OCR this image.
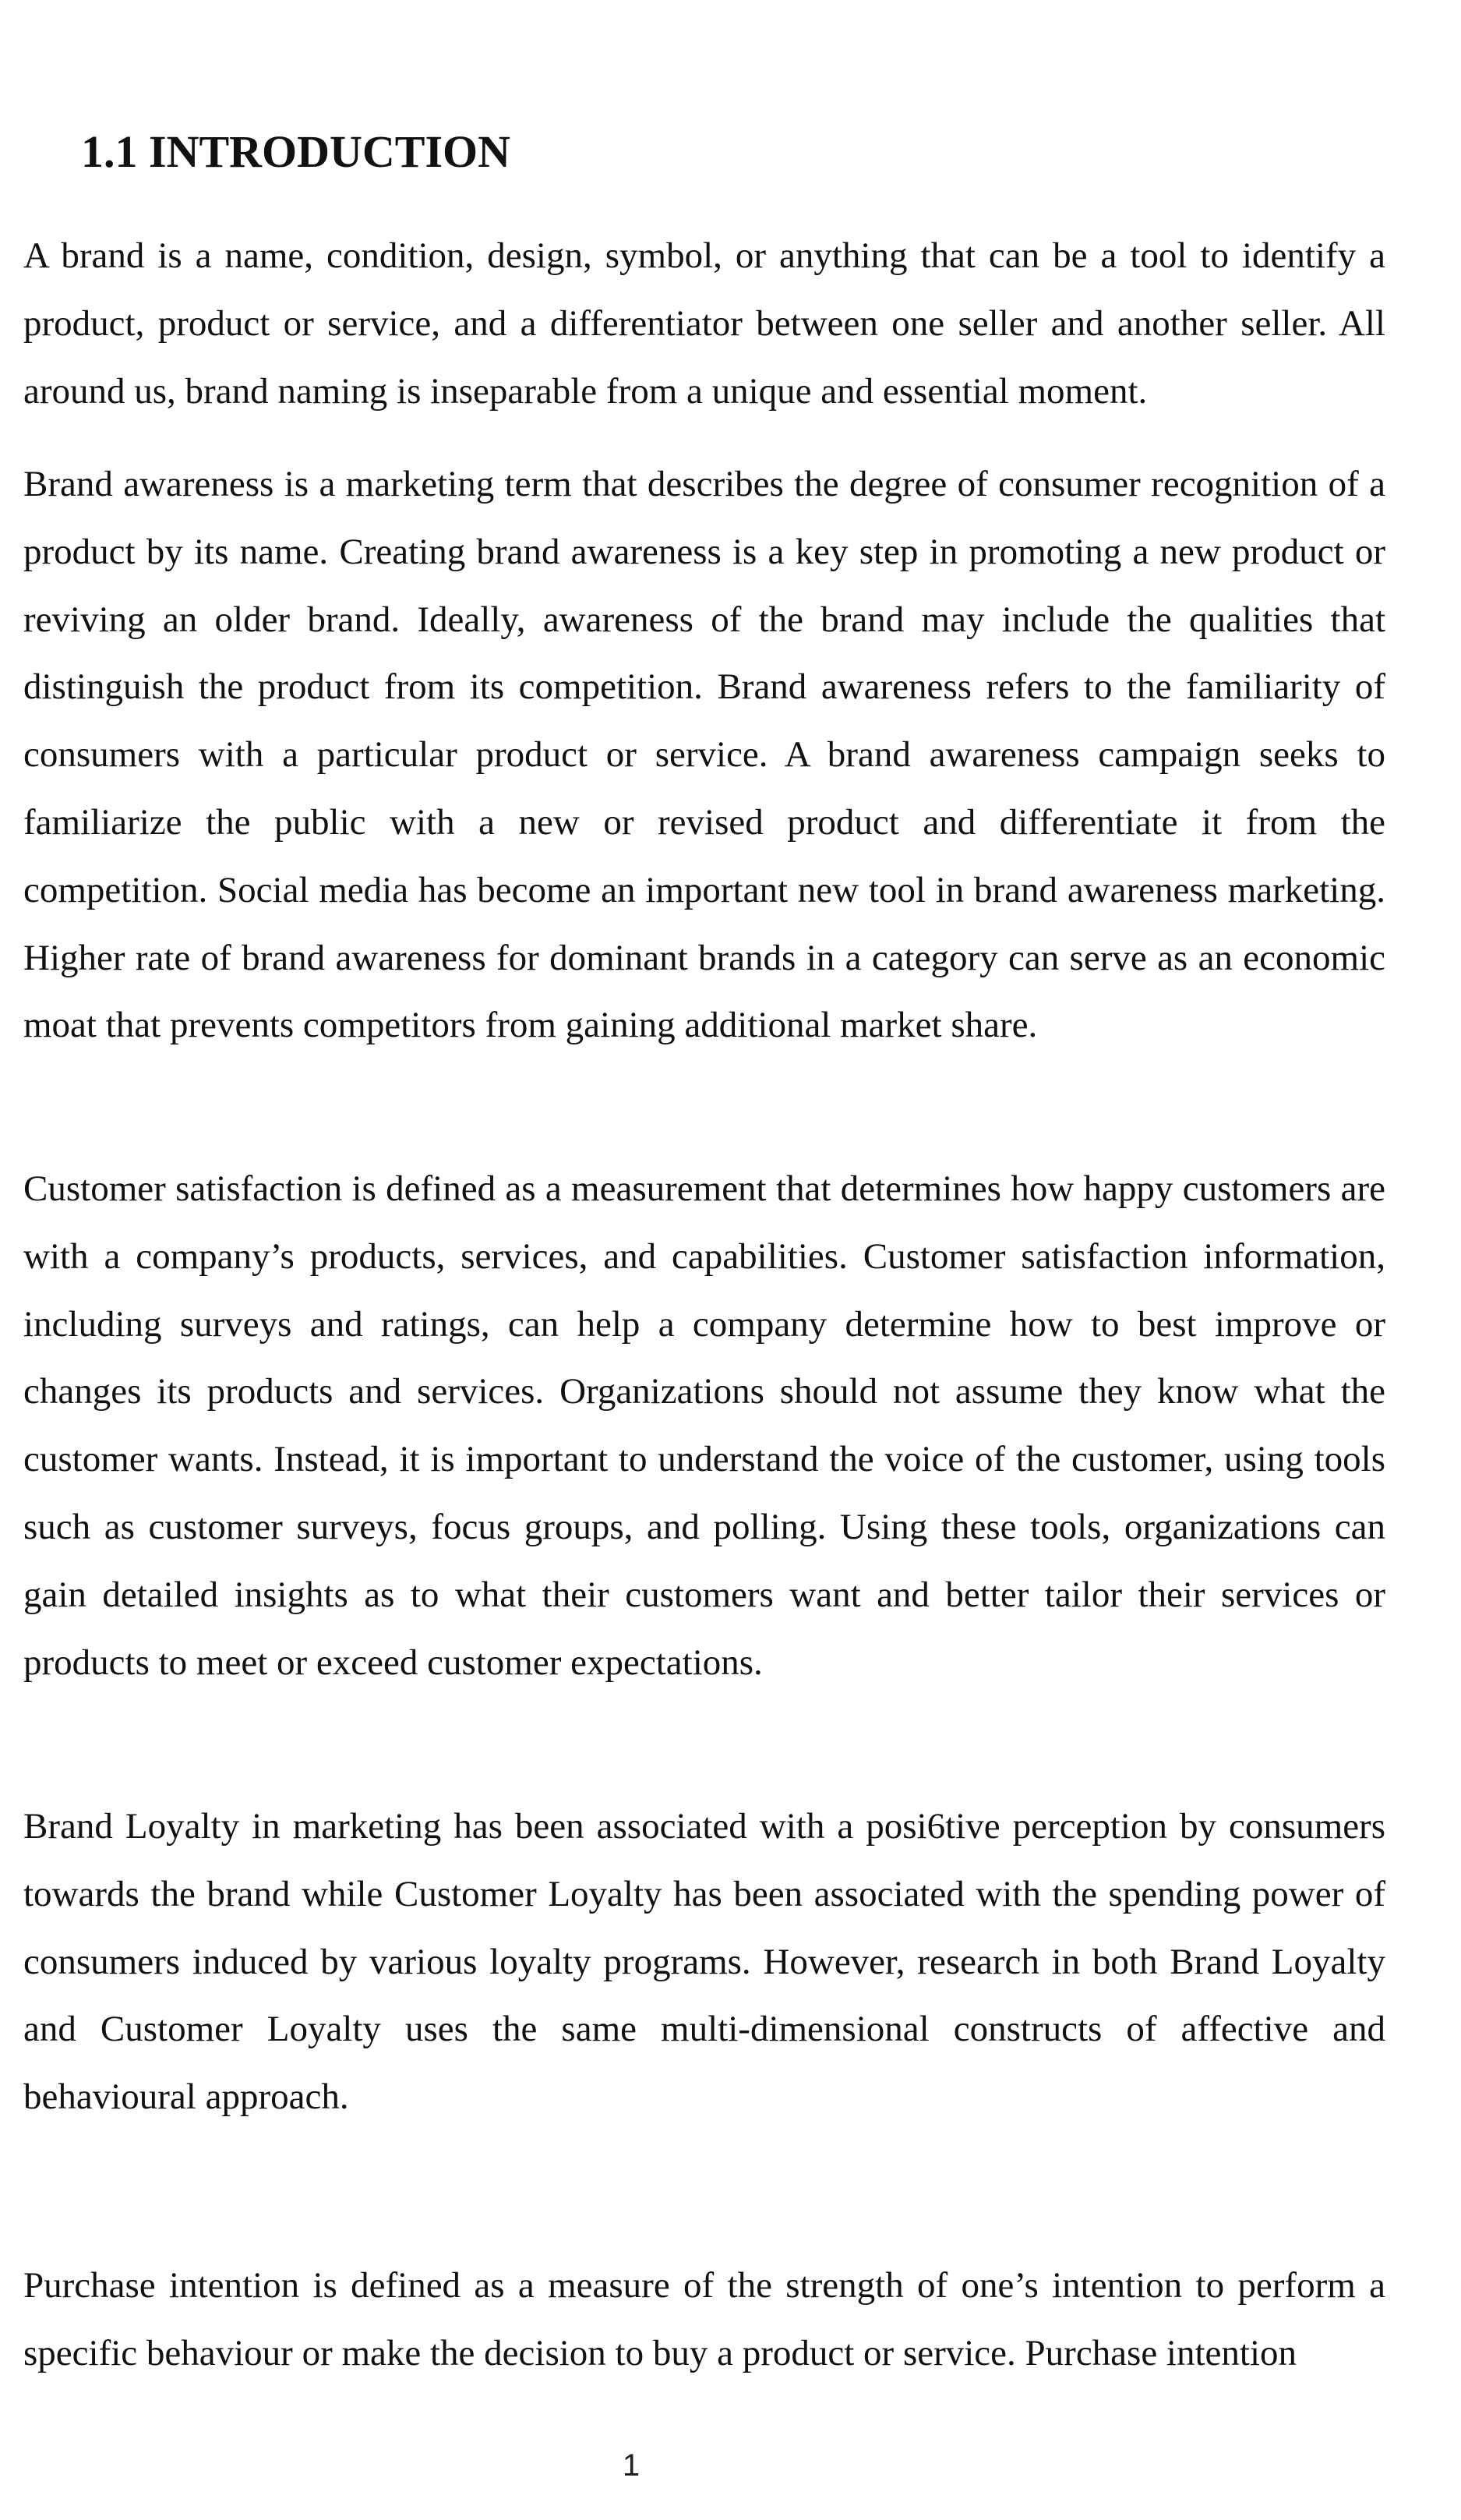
1.1 INTRODUCTION

A brand is a name, condition, design, symbol, or anything that can be a tool to identify a product, product or service, and a differentiator between one seller and another seller. All around us, brand naming is inseparable from a unique and essential moment.

Brand awareness is a marketing term that describes the degree of consumer recognition of a product by its name. Creating brand awareness is a key step in promoting a new product or reviving an older brand. Ideally, awareness of the brand may include the qualities that distinguish the product from its competition. Brand awareness refers to the familiarity of consumers with a particular product or service. A brand awareness campaign seeks to familiarize the public with a new or revised product and differentiate it from the competition. Social media has become an important new tool in brand awareness marketing. Higher rate of brand awareness for dominant brands in a category can serve as an economic moat that prevents competitors from gaining additional market share.

Customer satisfaction is defined as a measurement that determines how happy customers are with a company’s products, services, and capabilities. Customer satisfaction information, including surveys and ratings, can help a company determine how to best improve or changes its products and services. Organizations should not assume they know what the customer wants. Instead, it is important to understand the voice of the customer, using tools such as customer surveys, focus groups, and polling. Using these tools, organizations can gain detailed insights as to what their customers want and better tailor their services or products to meet or exceed customer expectations.

Brand Loyalty in marketing has been associated with a posi6tive perception by consumers towards the brand while Customer Loyalty has been associated with the spending power of consumers induced by various loyalty programs. However, research in both Brand Loyalty and Customer Loyalty uses the same multi-dimensional constructs of affective and behavioural approach.

Purchase intention is defined as a measure of the strength of one’s intention to perform a specific behaviour or make the decision to buy a product or service. Purchase intention

1
